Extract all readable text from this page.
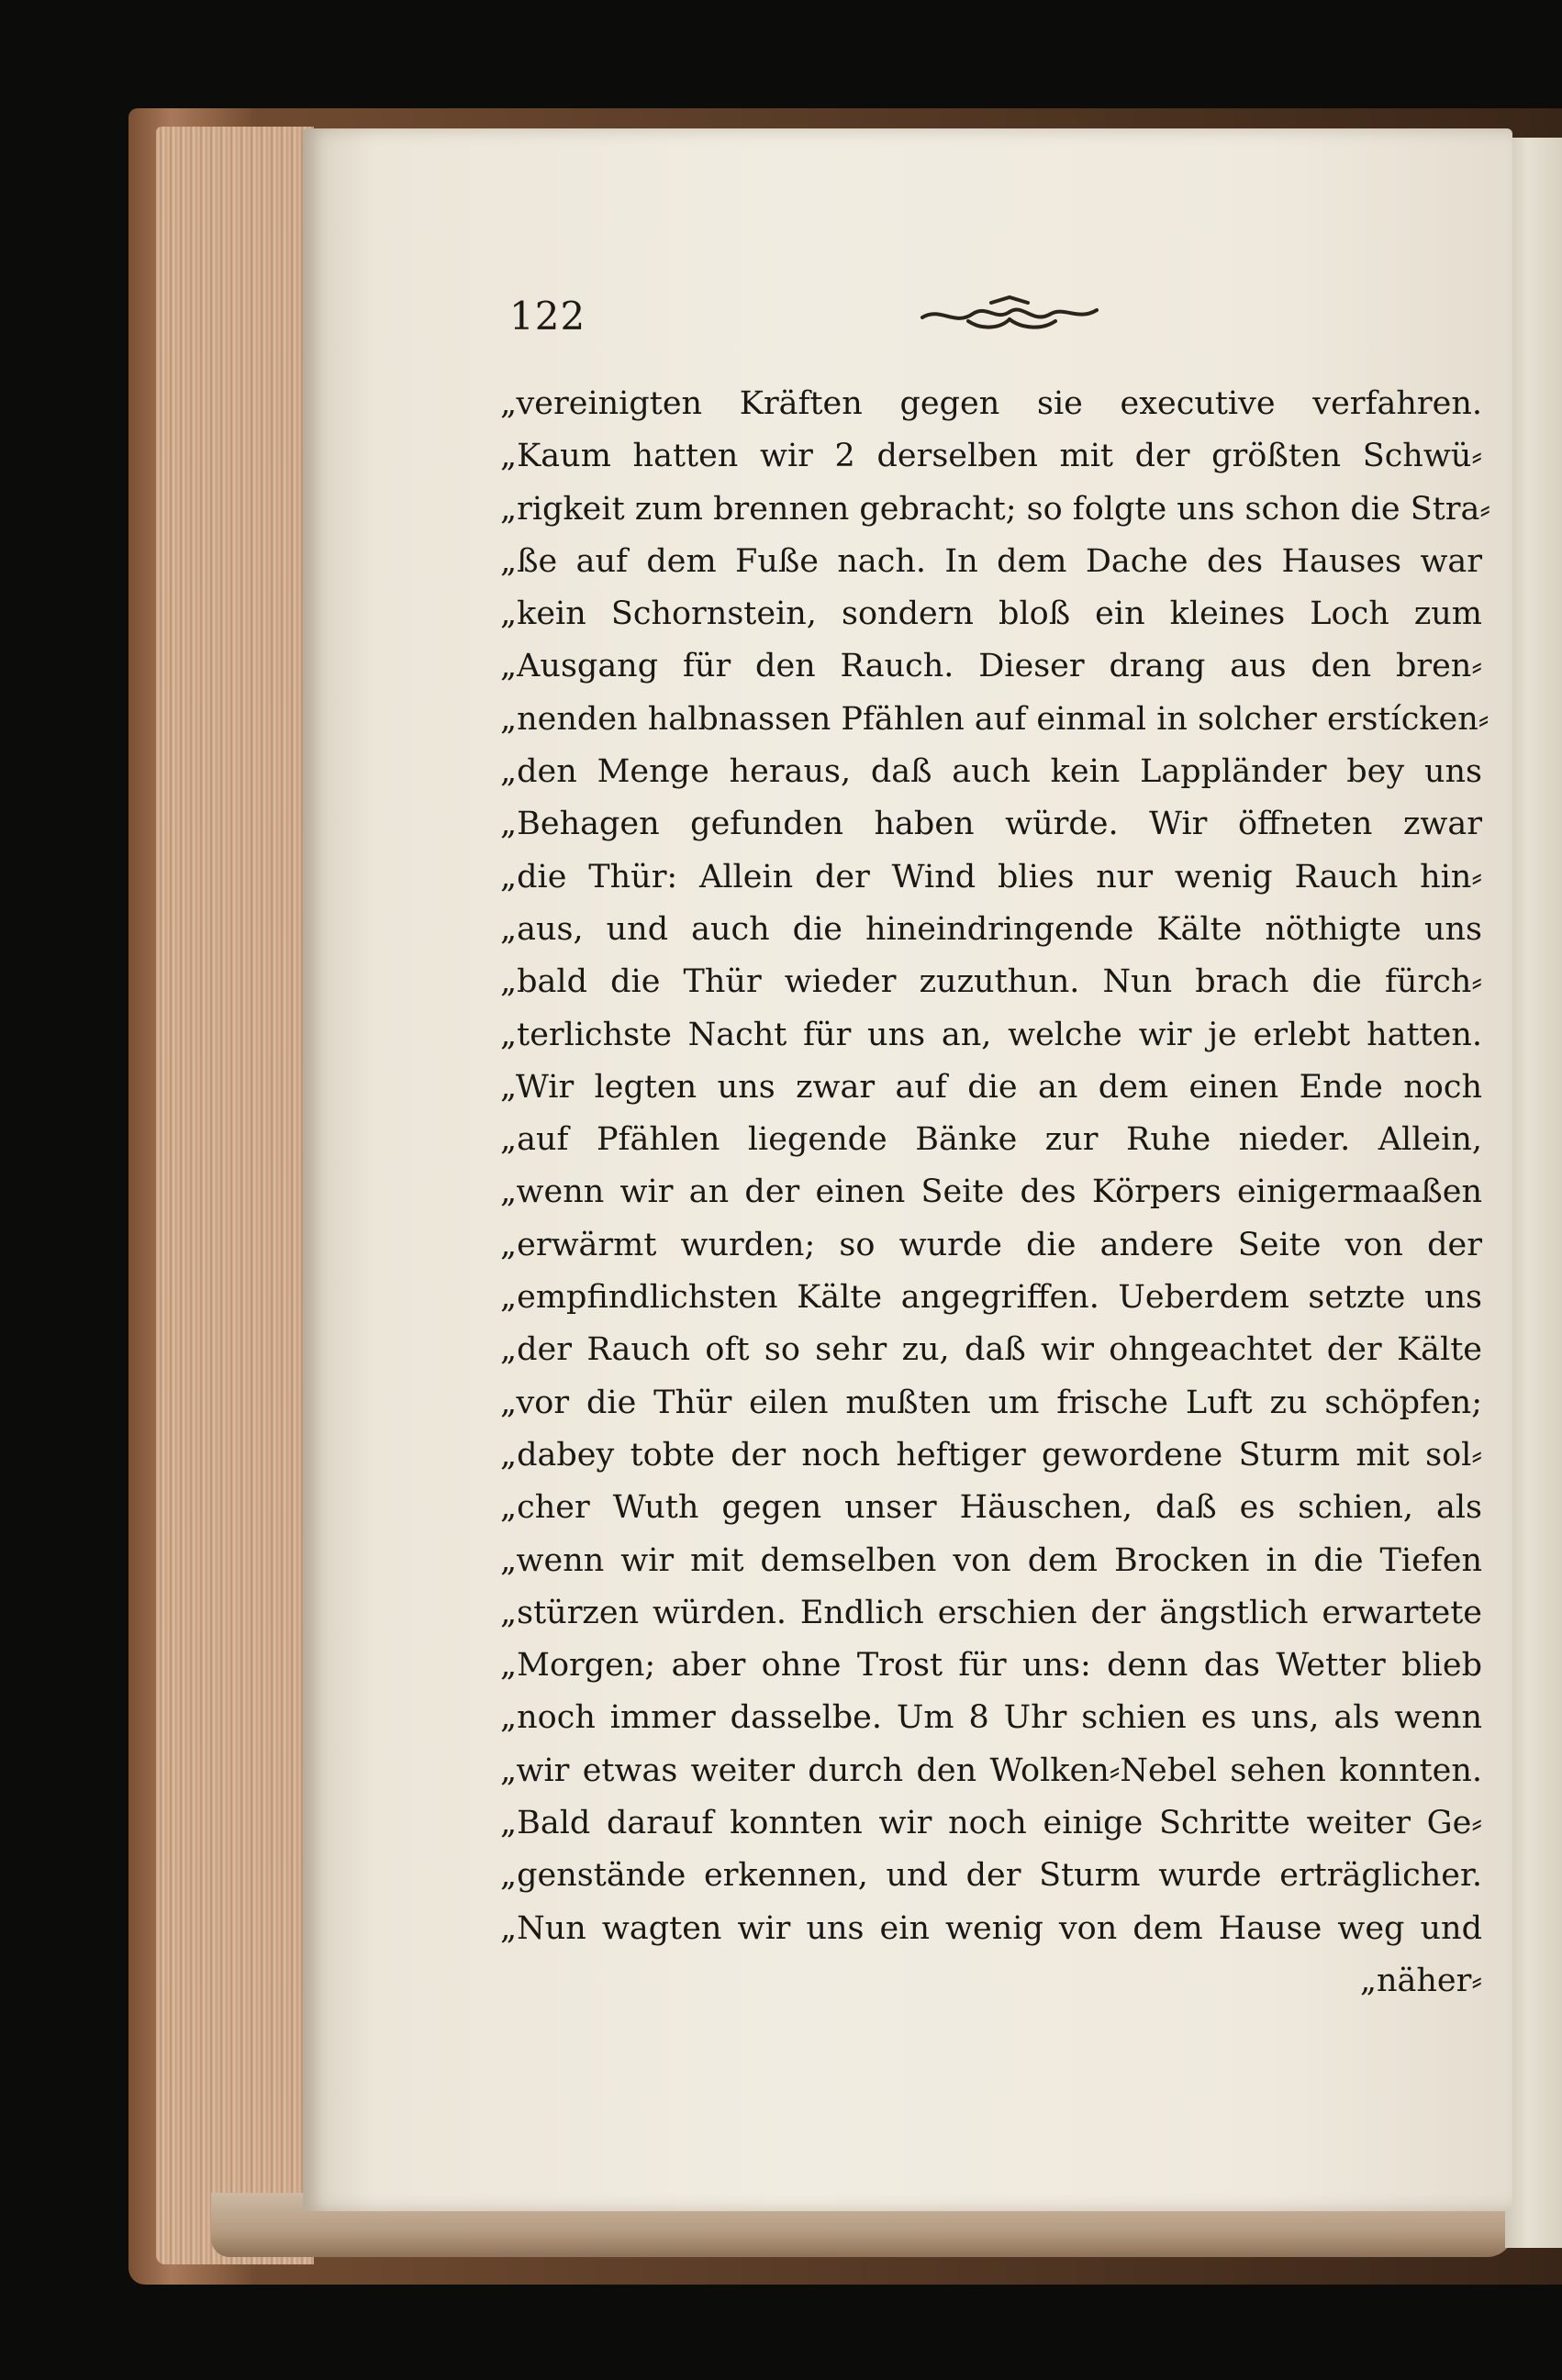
122
„vereinigten Kräften gegen sie executive verfahren.
„Kaum hatten wir 2 derselben mit der größten Schwü⸗
„rigkeit zum brennen gebracht; so folgte uns schon die Stra⸗
„ße auf dem Fuße nach. In dem Dache des Hauses war
„kein Schornstein, sondern bloß ein kleines Loch zum
„Ausgang für den Rauch. Dieser drang aus den bren⸗
„nenden halbnassen Pfählen auf einmal in solcher erstícken⸗
„den Menge heraus, daß auch kein Lappländer bey uns
„Behagen gefunden haben würde. Wir öffneten zwar
„die Thür: Allein der Wind blies nur wenig Rauch hin⸗
„aus, und auch die hineindringende Kälte nöthigte uns
„bald die Thür wieder zuzuthun. Nun brach die fürch⸗
„terlichste Nacht für uns an, welche wir je erlebt hatten.
„Wir legten uns zwar auf die an dem einen Ende noch
„auf Pfählen liegende Bänke zur Ruhe nieder. Allein,
„wenn wir an der einen Seite des Körpers einigermaaßen
„erwärmt wurden; so wurde die andere Seite von der
„empfindlichsten Kälte angegriffen. Ueberdem setzte uns
„der Rauch oft so sehr zu, daß wir ohngeachtet der Kälte
„vor die Thür eilen mußten um frische Luft zu schöpfen;
„dabey tobte der noch heftiger gewordene Sturm mit sol⸗
„cher Wuth gegen unser Häuschen, daß es schien, als
„wenn wir mit demselben von dem Brocken in die Tiefen
„stürzen würden. Endlich erschien der ängstlich erwartete
„Morgen; aber ohne Trost für uns: denn das Wetter blieb
„noch immer dasselbe. Um 8 Uhr schien es uns, als wenn
„wir etwas weiter durch den Wolken⸗Nebel sehen konnten.
„Bald darauf konnten wir noch einige Schritte weiter Ge⸗
„genstände erkennen, und der Sturm wurde erträglicher.
„Nun wagten wir uns ein wenig von dem Hause weg und
„näher⸗
